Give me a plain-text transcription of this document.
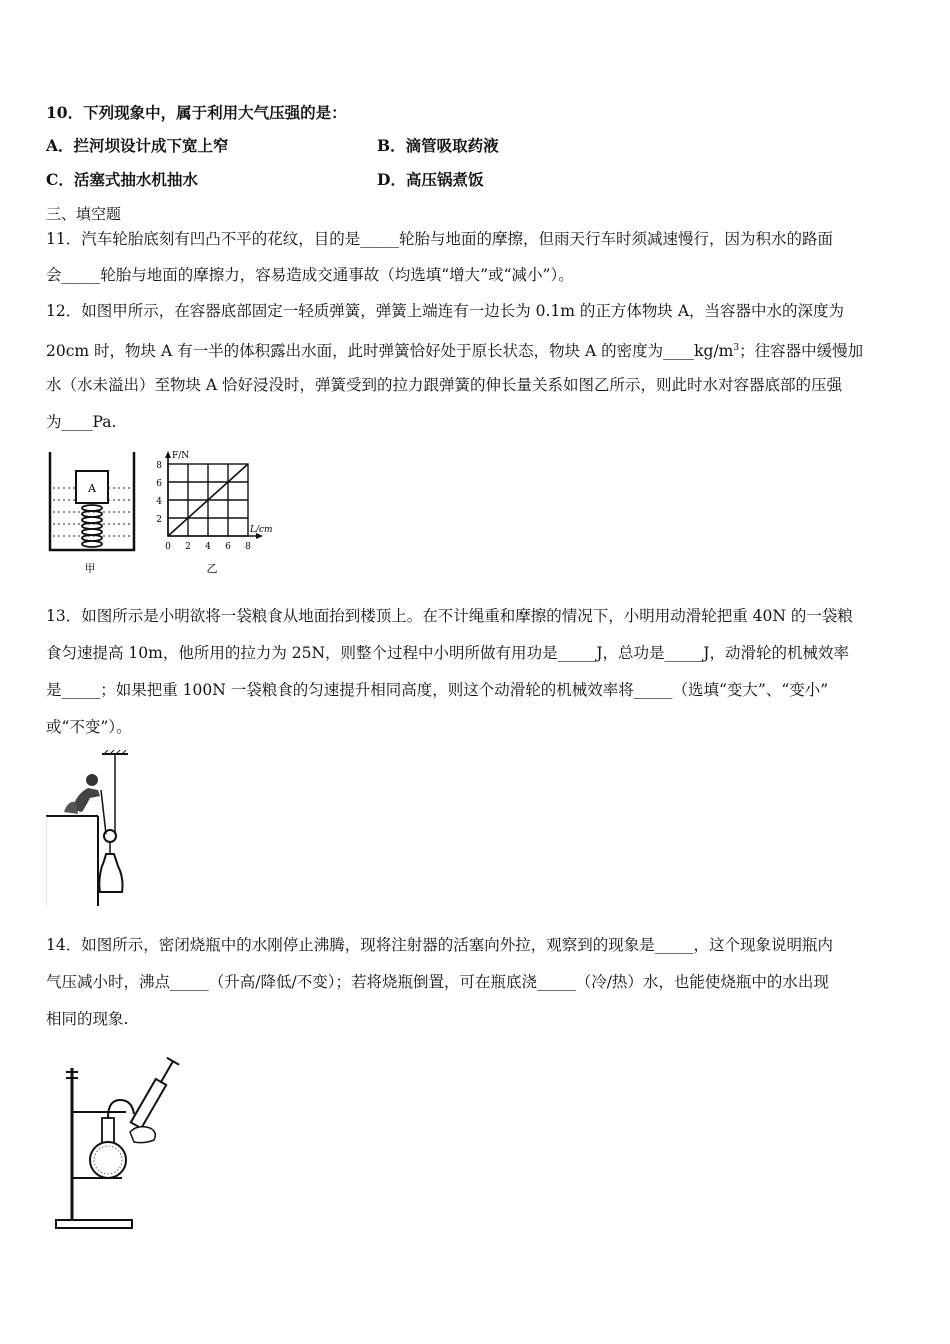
10．下列现象中，属于利用大气压强的是：
A．拦河坝设计成下宽上窄	B．滴管吸取药液
C．活塞式抽水机抽水	D．高压锅煮饭
三、填空题
11．汽车轮胎底刻有凹凸不平的花纹，目的是_____轮胎与地面的摩擦，但雨天行车时须减速慢行，因为积水的路面
会_____轮胎与地面的摩擦力，容易造成交通事故（均选填“增大”或“减小”）。
12．如图甲所示，在容器底部固定一轻质弹簧，弹簧上端连有一边长为 0.1m 的正方体物块 A，当容器中水的深度为
20cm 时，物块 A 有一半的体积露出水面，此时弹簧恰好处于原长状态，物块 A 的密度为$\_\_\_\_kg/m^3$；往容器中缓慢加
水（水未溢出）至物块 A 恰好浸没时，弹簧受到的拉力跟弹簧的伸长量关系如图乙所示，则此时水对容器底部的压强
为____Pa.
A
甲
F/N
L/cm
8
6
4
2
0 2 4 6 8
乙
13．如图所示是小明欲将一袋粮食从地面抬到楼顶上。在不计绳重和摩擦的情况下，小明用动滑轮把重 40N 的一袋粮
食匀速提高 10m，他所用的拉力为 25N，则整个过程中小明所做有用功是_____J，总功是_____J，动滑轮的机械效率
是_____；如果把重 100N 一袋粮食的匀速提升相同高度，则这个动滑轮的机械效率将_____（选填“变大”、“变小”
或“不变”）。
14．如图所示，密闭烧瓶中的水刚停止沸腾，现将注射器的活塞向外拉，观察到的现象是_____，这个现象说明瓶内
气压减小时，沸点_____（升高/降低/不变）；若将烧瓶倒置，可在瓶底浇_____（冷/热）水，也能使烧瓶中的水出现
相同的现象.
